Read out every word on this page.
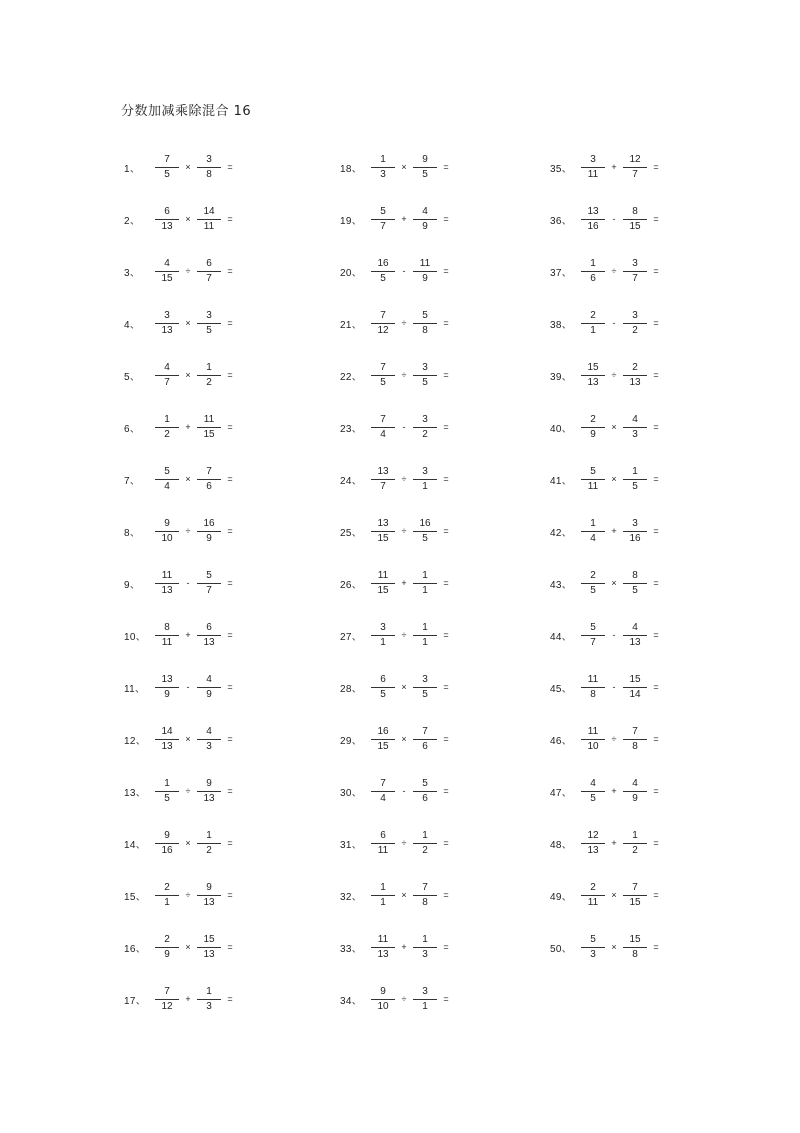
分数加减乘除混合 16
1、	$\frac{7}{5} \times \frac{3}{8}$ =
2、	$\frac{6}{13} \times \frac{14}{11}$ =
3、	$\frac{4}{15} \div \frac{6}{7}$ =
4、	$\frac{3}{13} \times \frac{3}{5}$ =
5、	$\frac{4}{7} \times \frac{1}{2}$ =
6、	$\frac{1}{2} + \frac{11}{15}$ =
7、	$\frac{5}{4} \times \frac{7}{6}$ =
8、	$\frac{9}{10} \div \frac{16}{9}$ =
9、	$\frac{11}{13} - \frac{5}{7}$ =
10、 $\frac{8}{11} + \frac{6}{13}$ =
11、 $\frac{13}{9} - \frac{4}{9}$ =
12、 $\frac{14}{13} \times \frac{4}{3}$ =
13、 $\frac{1}{5} \div \frac{9}{13}$ =
14、 $\frac{9}{16} \times \frac{1}{2}$ =
15、 $\frac{2}{1} \div \frac{9}{13}$ =
16、 $\frac{2}{9} \times \frac{15}{13}$ =
17、 $\frac{7}{12} + \frac{1}{3}$ =
18、 $\frac{1}{3} \times \frac{9}{5}$ =
19、 $\frac{5}{7} + \frac{4}{9}$ =
20、 $\frac{16}{5} - \frac{11}{9}$ =
21、 $\frac{7}{12} \div \frac{5}{8}$ =
22、 $\frac{7}{5} \div \frac{3}{5}$ =
23、 $\frac{7}{4} - \frac{3}{2}$ =
24、 $\frac{13}{7} \div \frac{3}{1}$ =
25、 $\frac{13}{15} \div \frac{16}{5}$ =
26、 $\frac{11}{15} + \frac{1}{1}$ =
27、 $\frac{3}{1} \div \frac{1}{1}$ =
28、 $\frac{6}{5} \times \frac{3}{5}$ =
29、 $\frac{16}{15} \times \frac{7}{6}$ =
30、 $\frac{7}{4} - \frac{5}{6}$ =
31、 $\frac{6}{11} \div \frac{1}{2}$ =
32、 $\frac{1}{1} \times \frac{7}{8}$ =
33、 $\frac{11}{13} + \frac{1}{3}$ =
34、 $\frac{9}{10} \div \frac{3}{1}$ =
35、 $\frac{3}{11} + \frac{12}{7}$ =
36、 $\frac{13}{16} - \frac{8}{15}$ =
37、 $\frac{1}{6} \div \frac{3}{7}$ =
38、 $\frac{2}{1} - \frac{3}{2}$ =
39、 $\frac{15}{13} \div \frac{2}{13}$ =
40、 $\frac{2}{9} \times \frac{4}{3}$ =
41、 $\frac{5}{11} \times \frac{1}{5}$ =
42、 $\frac{1}{4} + \frac{3}{16}$ =
43、 $\frac{2}{5} \times \frac{8}{5}$ =
44、 $\frac{5}{7} - \frac{4}{13}$ =
45、 $\frac{11}{8} - \frac{15}{14}$ =
46、 $\frac{11}{10} \div \frac{7}{8}$ =
47、 $\frac{4}{5} + \frac{4}{9}$ =
48、 $\frac{12}{13} + \frac{1}{2}$ =
49、 $\frac{2}{11} \times \frac{7}{15}$ =
50、 $\frac{5}{3} \times \frac{15}{8}$ =
